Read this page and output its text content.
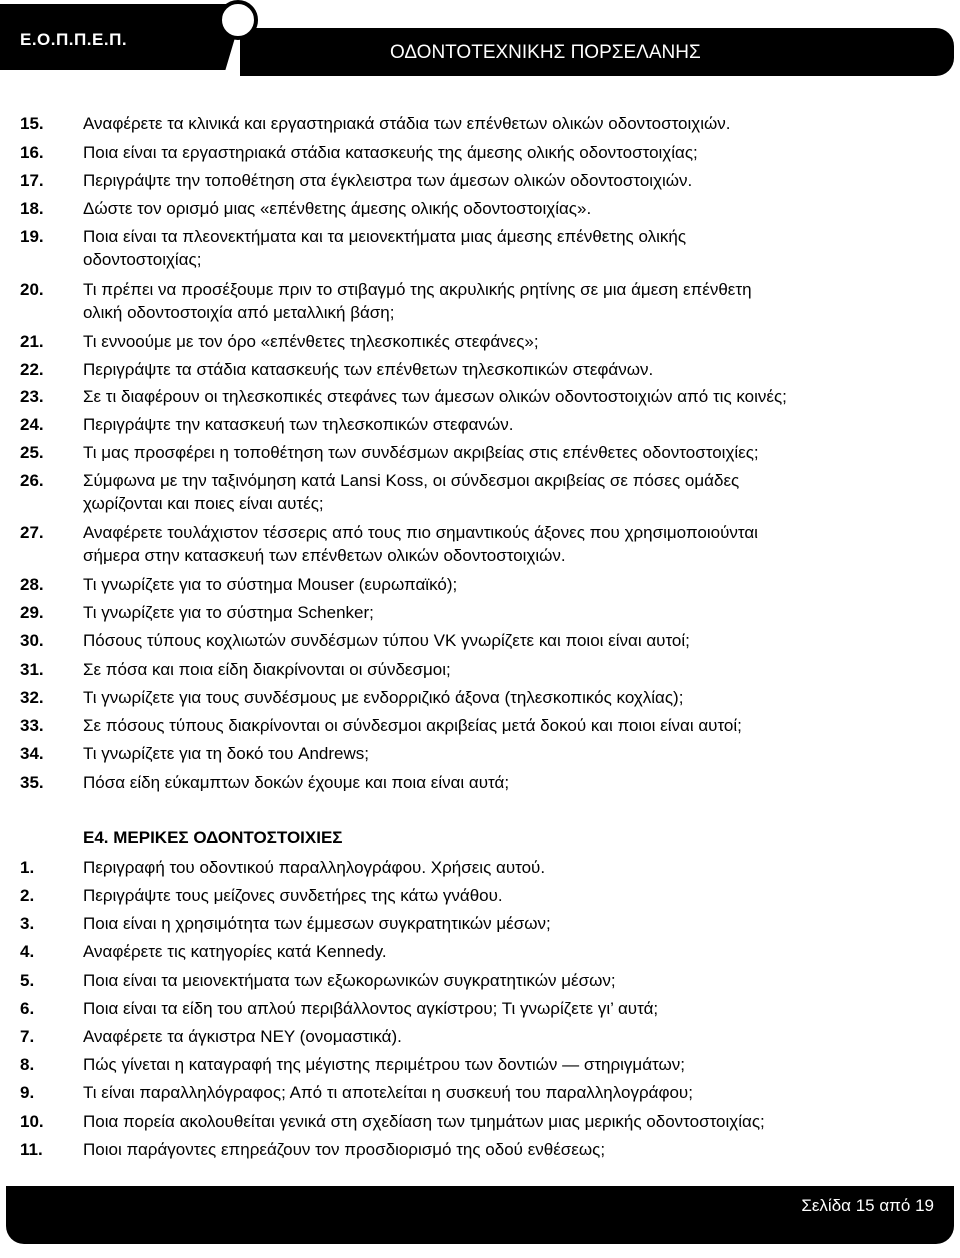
Ε.Ο.Π.Π.Ε.Π.
ΟΔΟΝΤΟΤΕΧΝΙΚΗΣ ΠΟΡΣΕΛΑΝΗΣ
15. Αναφέρετε τα κλινικά και εργαστηριακά στάδια των επένθετων ολικών οδοντοστοιχιών.
16. Ποια είναι τα εργαστηριακά στάδια κατασκευής της άμεσης ολικής οδοντοστοιχίας;
17. Περιγράψτε την τοποθέτηση στα έγκλειστρα των άμεσων ολικών οδοντοστοιχιών.
18. Δώστε τον ορισμό μιας «επένθετης άμεσης ολικής οδοντοστοιχίας».
19. Ποια είναι τα πλεονεκτήματα και τα μειονεκτήματα μιας άμεσης επένθετης ολικής
οδοντοστοιχίας;
20. Τι πρέπει να προσέξουμε πριν το στιβαγμό της ακρυλικής ρητίνης σε μια άμεση επένθετη
ολική οδοντοστοιχία από μεταλλική βάση;
21. Τι εννοούμε με τον όρο «επένθετες τηλεσκοπικές στεφάνες»;
22. Περιγράψτε τα στάδια κατασκευής των επένθετων τηλεσκοπικών στεφάνων.
23. Σε τι διαφέρουν οι τηλεσκοπικές στεφάνες των άμεσων ολικών οδοντοστοιχιών από τις κοινές;
24. Περιγράψτε την κατασκευή των τηλεσκοπικών στεφανών.
25. Τι μας προσφέρει η τοποθέτηση των συνδέσμων ακριβείας στις επένθετες οδοντοστοιχίες;
26. Σύμφωνα με την ταξινόμηση κατά Lansi Koss, οι σύνδεσμοι ακριβείας σε πόσες ομάδες
χωρίζονται και ποιες είναι αυτές;
27. Αναφέρετε τουλάχιστον τέσσερις από τους πιο σημαντικούς άξονες που χρησιμοποιούνται
σήμερα στην κατασκευή των επένθετων ολικών οδοντοστοιχιών.
28. Τι γνωρίζετε για το σύστημα Mouser (ευρωπαϊκό);
29. Τι γνωρίζετε για το σύστημα Schenker;
30. Πόσους τύπους κοχλιωτών συνδέσμων τύπου VK γνωρίζετε και ποιοι είναι αυτοί;
31. Σε πόσα και ποια είδη διακρίνονται οι σύνδεσμοι;
32. Τι γνωρίζετε για τους συνδέσμους με ενδορριζικό άξονα (τηλεσκοπικός κοχλίας);
33. Σε πόσους τύπους διακρίνονται οι σύνδεσμοι ακριβείας μετά δοκού και ποιοι είναι αυτοί;
34. Τι γνωρίζετε για τη δοκό του Andrews;
35. Πόσα είδη εύκαμπτων δοκών έχουμε και ποια είναι αυτά;
Ε4. ΜΕΡΙΚΕΣ ΟΔΟΝΤΟΣΤΟΙΧΙΕΣ
1.	Περιγραφή του οδοντικού παραλληλογράφου. Χρήσεις αυτού.
2.	Περιγράψτε τους μείζονες συνδετήρες της κάτω γνάθου.
3.	Ποια είναι η χρησιμότητα των έμμεσων συγκρατητικών μέσων;
4.	Αναφέρετε τις κατηγορίες κατά Kennedy.
5.	Ποια είναι τα μειονεκτήματα των εξωκορωνικών συγκρατητικών μέσων;
6.	Ποια είναι τα είδη του απλού περιβάλλοντος αγκίστρου; Τι γνωρίζετε γι’ αυτά;
7.	Αναφέρετε τα άγκιστρα ΝΕΥ (ονομαστικά).
8.	Πώς γίνεται η καταγραφή της μέγιστης περιμέτρου των δοντιών — στηριγμάτων;
9.	Τι είναι παραλληλόγραφος; Από τι αποτελείται η συσκευή του παραλληλογράφου;
10. Ποια πορεία ακολουθείται γενικά στη σχεδίαση των τμημάτων μιας μερικής οδοντοστοιχίας;
11. Ποιοι παράγοντες επηρεάζουν τον προσδιορισμό της οδού ενθέσεως;
Σελίδα 15 από 19
